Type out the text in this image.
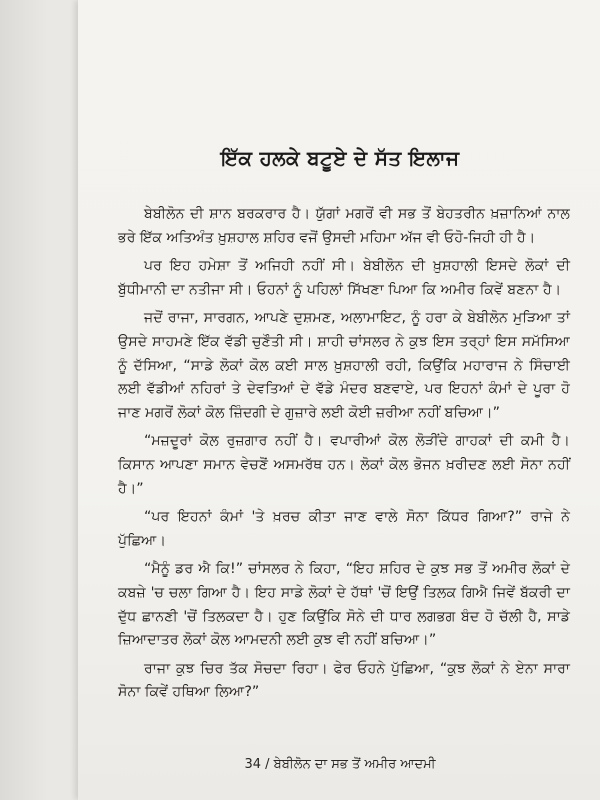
ਇੱਕ ਹਲਕੇ ਬਟੂਏ ਦੇ ਸੱਤ ਇਲਾਜ

ਬੇਬੀਲੋਨ ਦੀ ਸ਼ਾਨ ਬਰਕਰਾਰ ਹੈ। ਯੁੱਗਾਂ ਮਗਰੋਂ ਵੀ ਸਭ ਤੋਂ ਬੇਹਤਰੀਨ ਖ਼ਜ਼ਾਨਿਆਂ ਨਾਲ ਭਰੇ ਇੱਕ ਅਤਿਅੰਤ ਖ਼ੁਸ਼ਹਾਲ ਸ਼ਹਿਰ ਵਜੋਂ ਉਸਦੀ ਮਹਿਮਾ ਅੱਜ ਵੀ ਓਹੋ-ਜਿਹੀ ਹੀ ਹੈ।

ਪਰ ਇਹ ਹਮੇਸ਼ਾ ਤੋਂ ਅਜਿਹੀ ਨਹੀਂ ਸੀ। ਬੇਬੀਲੋਨ ਦੀ ਖ਼ੁਸ਼ਹਾਲੀ ਇਸਦੇ ਲੋਕਾਂ ਦੀ ਬੁੱਧੀਮਾਨੀ ਦਾ ਨਤੀਜਾ ਸੀ। ਓਹਨਾਂ ਨੂੰ ਪਹਿਲਾਂ ਸਿੱਖਣਾ ਪਿਆ ਕਿ ਅਮੀਰ ਕਿਵੇਂ ਬਣਨਾ ਹੈ।

ਜਦੋਂ ਰਾਜਾ, ਸਾਰਗਨ, ਆਪਣੇ ਦੁਸ਼ਮਣ, ਅਲਾਮਾਇਟ, ਨੂੰ ਹਰਾ ਕੇ ਬੇਬੀਲੋਨ ਮੁੜਿਆ ਤਾਂ ਉਸਦੇ ਸਾਹਮਣੇ ਇੱਕ ਵੱਡੀ ਚੁਣੌਤੀ ਸੀ। ਸ਼ਾਹੀ ਚਾਂਸਲਰ ਨੇ ਕੁਝ ਇਸ ਤਰ੍ਹਾਂ ਇਸ ਸਮੱਸਿਆ ਨੂੰ ਦੱਸਿਆ, “ਸਾਡੇ ਲੋਕਾਂ ਕੋਲ ਕਈ ਸਾਲ ਖ਼ੁਸ਼ਹਾਲੀ ਰਹੀ, ਕਿਉਂਕਿ ਮਹਾਰਾਜ ਨੇ ਸਿੰਚਾਈ ਲਈ ਵੱਡੀਆਂ ਨਹਿਰਾਂ ਤੇ ਦੇਵਤਿਆਂ ਦੇ ਵੱਡੇ ਮੰਦਰ ਬਣਵਾਏ, ਪਰ ਇਹਨਾਂ ਕੰਮਾਂ ਦੇ ਪੂਰਾ ਹੋ ਜਾਣ ਮਗਰੋਂ ਲੋਕਾਂ ਕੋਲ ਜ਼ਿੰਦਗੀ ਦੇ ਗੁਜ਼ਾਰੇ ਲਈ ਕੋਈ ਜ਼ਰੀਆ ਨਹੀਂ ਬਚਿਆ।”

“ਮਜ਼ਦੂਰਾਂ ਕੋਲ ਰੁਜ਼ਗਾਰ ਨਹੀਂ ਹੈ। ਵਪਾਰੀਆਂ ਕੋਲ ਲੋੜੀਂਦੇ ਗਾਹਕਾਂ ਦੀ ਕਮੀ ਹੈ। ਕਿਸਾਨ ਆਪਣਾ ਸਮਾਨ ਵੇਚਣੋਂ ਅਸਮਰੱਥ ਹਨ। ਲੋਕਾਂ ਕੋਲ ਭੋਜਨ ਖ਼ਰੀਦਣ ਲਈ ਸੋਨਾ ਨਹੀਂ ਹੈ।”

“ਪਰ ਇਹਨਾਂ ਕੰਮਾਂ 'ਤੇ ਖ਼ਰਚ ਕੀਤਾ ਜਾਣ ਵਾਲੇ ਸੋਨਾ ਕਿੱਧਰ ਗਿਆ?” ਰਾਜੇ ਨੇ ਪੁੱਛਿਆ।

“ਮੈਨੂੰ ਡਰ ਐ ਕਿ!” ਚਾਂਸਲਰ ਨੇ ਕਿਹਾ, “ਇਹ ਸ਼ਹਿਰ ਦੇ ਕੁਝ ਸਭ ਤੋਂ ਅਮੀਰ ਲੋਕਾਂ ਦੇ ਕਬਜ਼ੇ 'ਚ ਚਲਾ ਗਿਆ ਹੈ। ਇਹ ਸਾਡੇ ਲੋਕਾਂ ਦੇ ਹੱਥਾਂ 'ਚੋਂ ਇਉਂ ਤਿਲਕ ਗਿਐ ਜਿਵੇਂ ਬੱਕਰੀ ਦਾ ਦੁੱਧ ਛਾਨਣੀ 'ਚੋਂ ਤਿਲਕਦਾ ਹੈ। ਹੁਣ ਕਿਉਂਕਿ ਸੋਨੇ ਦੀ ਧਾਰ ਲਗਭਗ ਬੰਦ ਹੋ ਚੱਲੀ ਹੈ, ਸਾਡੇ ਜ਼ਿਆਦਾਤਰ ਲੋਕਾਂ ਕੋਲ ਆਮਦਨੀ ਲਈ ਕੁਝ ਵੀ ਨਹੀਂ ਬਚਿਆ।”

ਰਾਜਾ ਕੁਝ ਚਿਰ ਤੱਕ ਸੋਚਦਾ ਰਿਹਾ। ਫੇਰ ਓਹਨੇ ਪੁੱਛਿਆ, “ਕੁਝ ਲੋਕਾਂ ਨੇ ਏਨਾ ਸਾਰਾ ਸੋਨਾ ਕਿਵੇਂ ਹਥਿਆ ਲਿਆ?”

34 / ਬੇਬੀਲੋਨ ਦਾ ਸਭ ਤੋਂ ਅਮੀਰ ਆਦਮੀ
